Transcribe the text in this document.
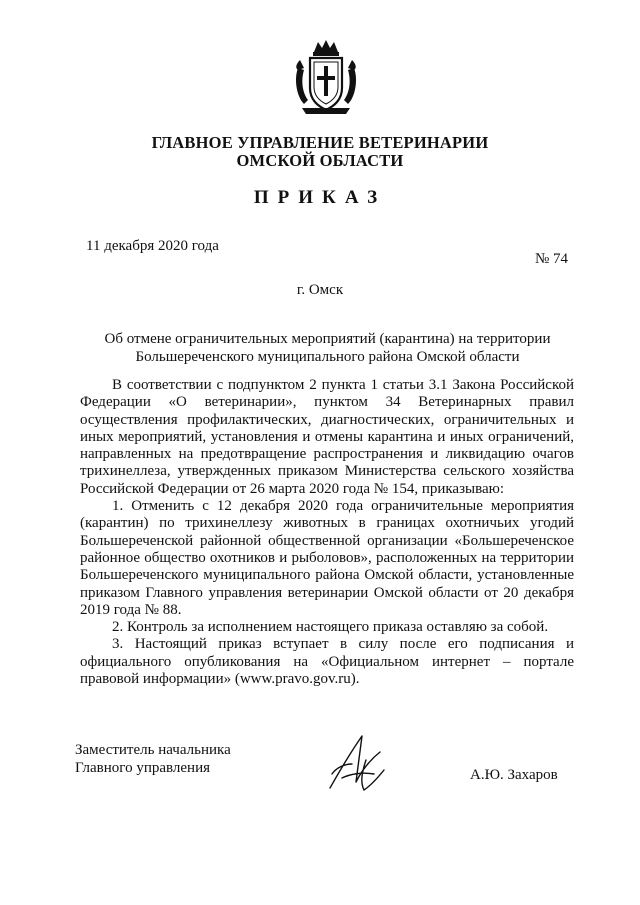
ГЛАВНОЕ УПРАВЛЕНИЕ ВЕТЕРИНАРИИ
ОМСКОЙ ОБЛАСТИ
ПРИКАЗ
11 декабря 2020 года
№ 74
г. Омск
Об отмене ограничительных мероприятий (карантина) на территории
Большереченского муниципального района Омской области

В соответствии с подпунктом 2 пункта 1 статьи 3.1 Закона Российской Федерации «О ветеринарии», пунктом 34 Ветеринарных правил осуществления профилактических, диагностических, ограничительных и иных мероприятий, установления и отмены карантина и иных ограничений, направленных на предотвращение распространения и ликвидацию очагов трихинеллеза, утвержденных приказом Министерства сельского хозяйства Российской Федерации от 26 марта 2020 года № 154, приказываю:

1. Отменить с 12 декабря 2020 года ограничительные мероприятия (карантин) по трихинеллезу животных в границах охотничьих угодий Большереченской районной общественной организации «Большереченское районное общество охотников и рыболовов», расположенных на территории Большереченского муниципального района Омской области, установленные приказом Главного управления ветеринарии Омской области от 20 декабря 2019 года № 88.

2. Контроль за исполнением настоящего приказа оставляю за собой.

3. Настоящий приказ вступает в силу после его подписания и официального опубликования на «Официальном интернет – портале правовой информации» (www.pravo.gov.ru).

Заместитель начальника
Главного управления	А.Ю. Захаров
